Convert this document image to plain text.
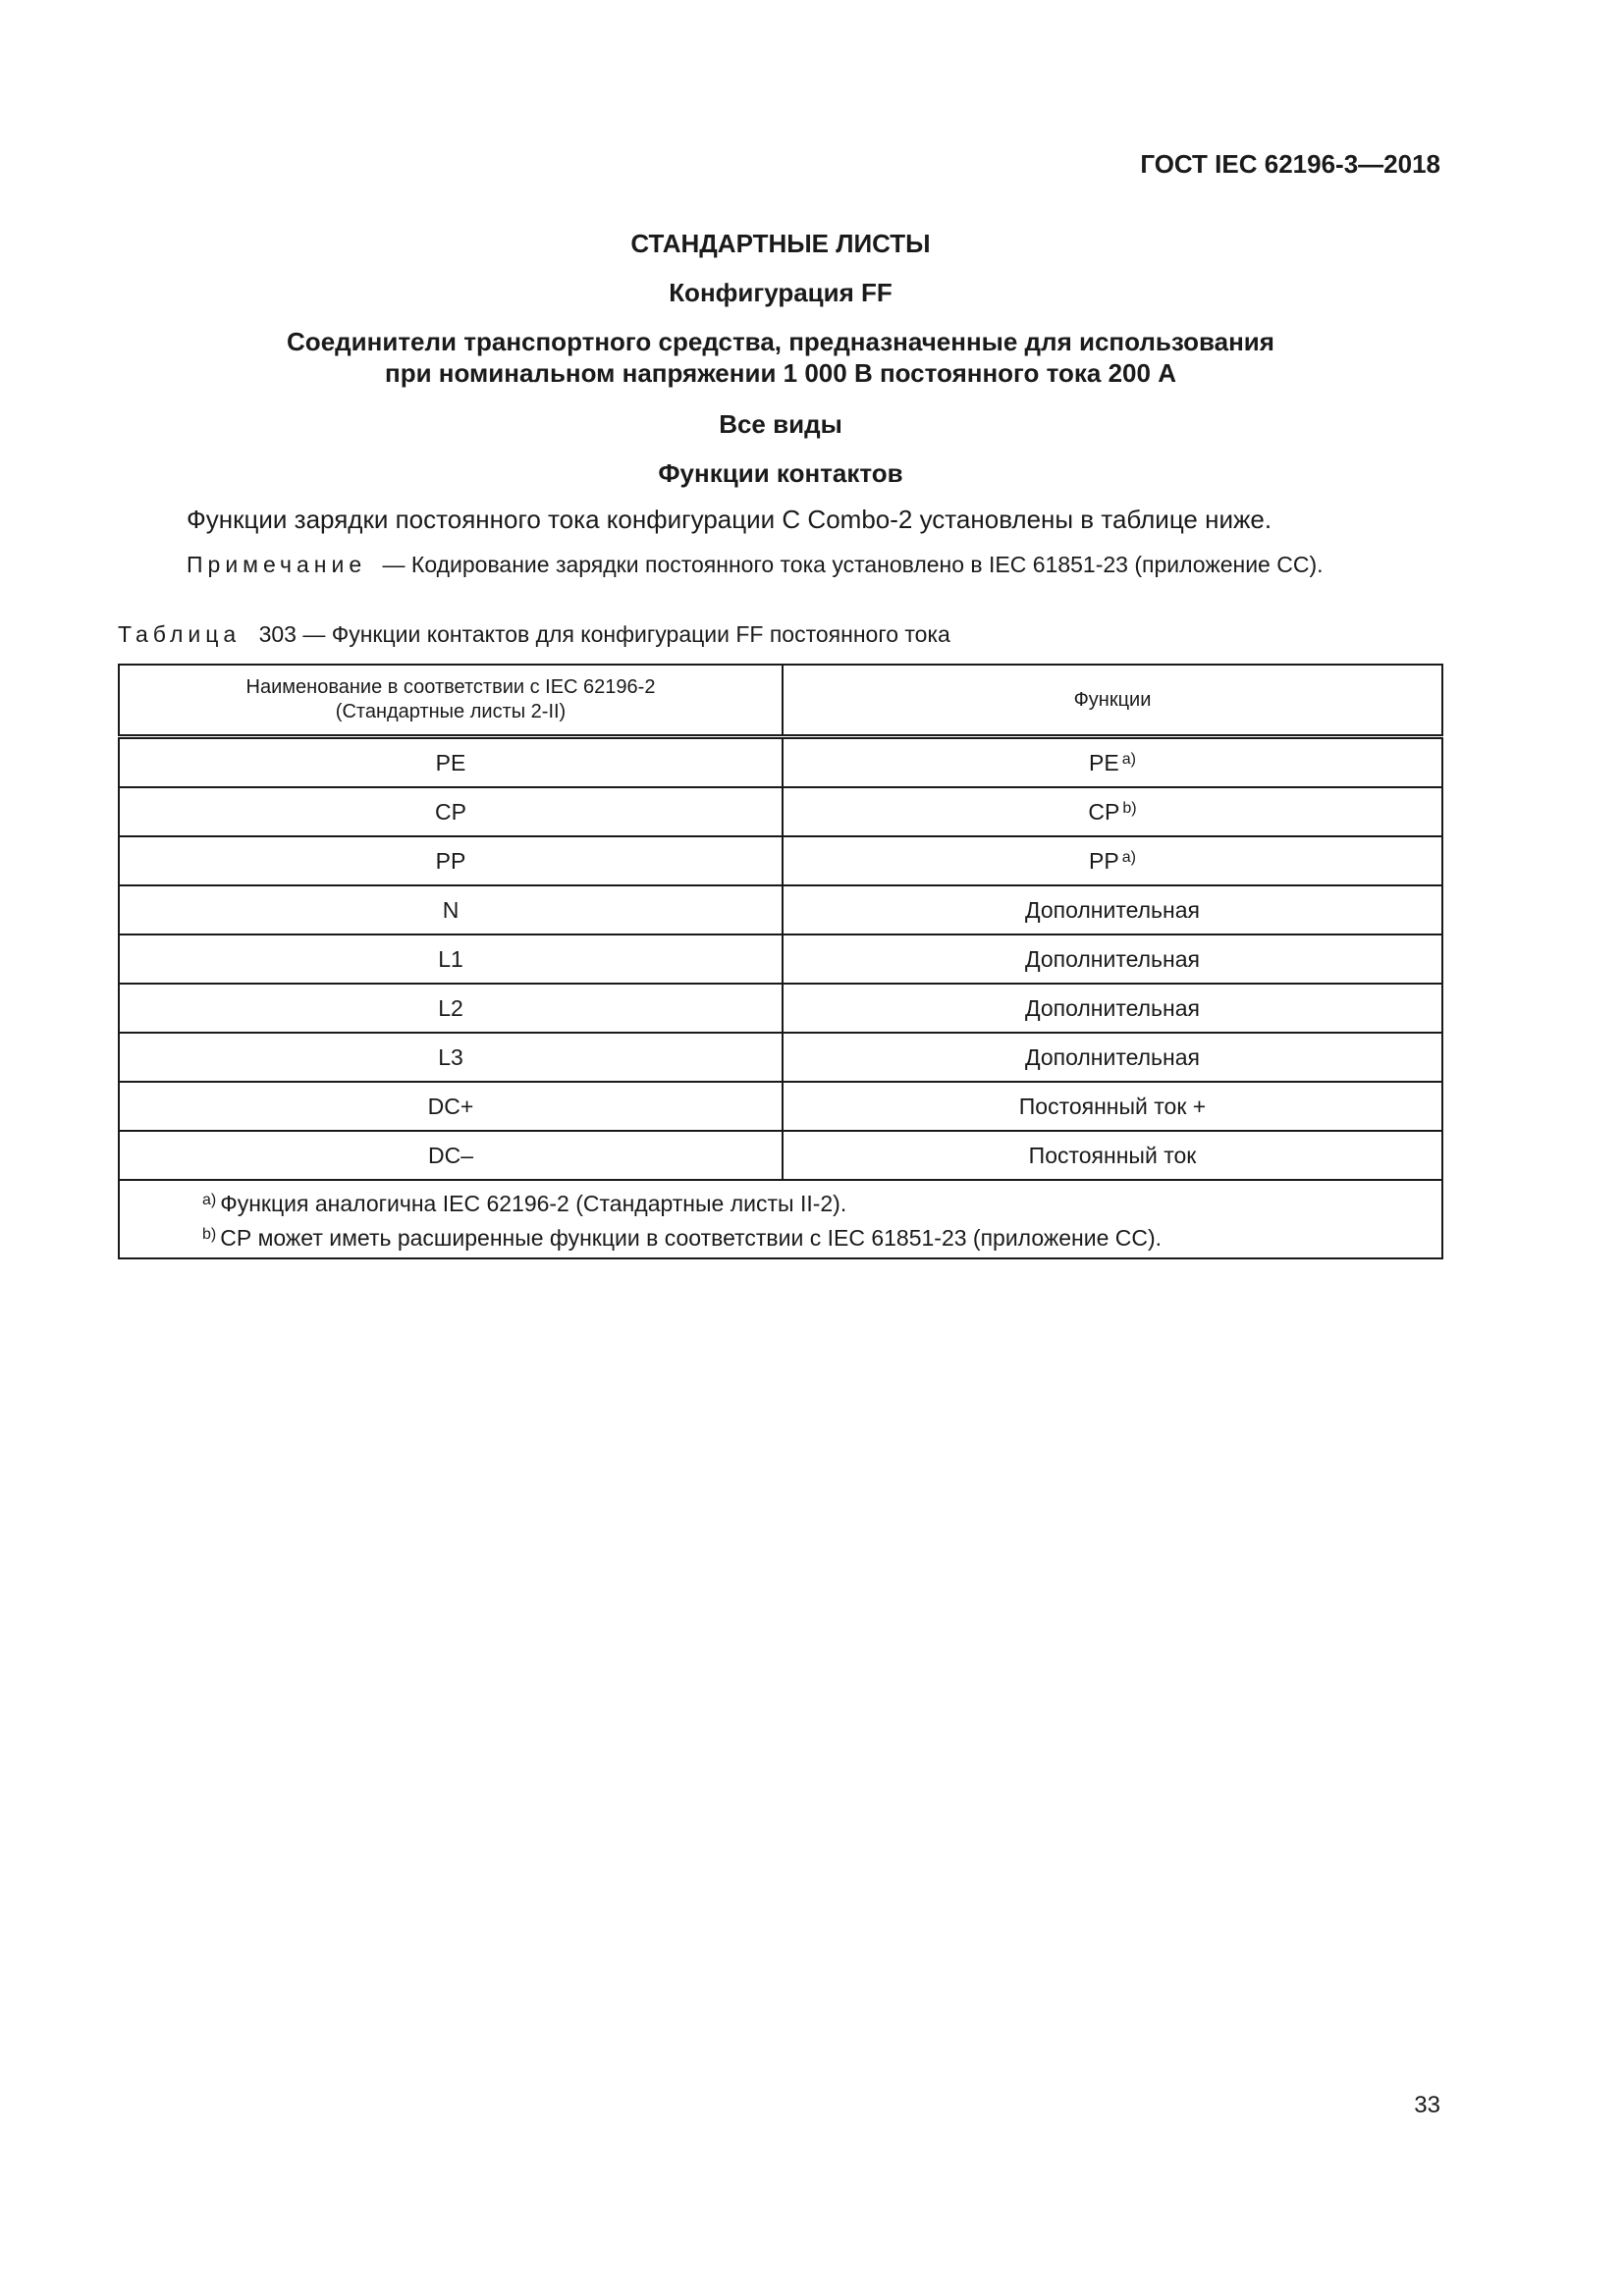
ГОСТ IEC 62196-3—2018
СТАНДАРТНЫЕ ЛИСТЫ
Конфигурация FF
Соединители транспортного средства, предназначенные для использования
при номинальном напряжении 1 000 В постоянного тока 200 А
Все виды
Функции контактов
Функции зарядки постоянного тока конфигурации С Combo-2 установлены в таблице ниже.
Примечание — Кодирование зарядки постоянного тока установлено в IEC 61851-23 (приложение СС).
Таблица 303 — Функции контактов для конфигурации FF постоянного тока
Наименование в соответствии с IEC 62196-2
(Стандартные листы 2-II)	Функции
PE	PE $^{a)}$
CP	CP $^{b)}$
PP	PP $^{a)}$
N	Дополнительная
L1	Дополнительная
L2	Дополнительная
L3	Дополнительная
DC+	Постоянный ток +
DC–	Постоянный ток

$^{a)}$ Функция аналогична IEC 62196-2 (Стандартные листы II-2).
$^{b)}$ СР может иметь расширенные функции в соответствии с IEC 61851-23 (приложение СС).	
33
